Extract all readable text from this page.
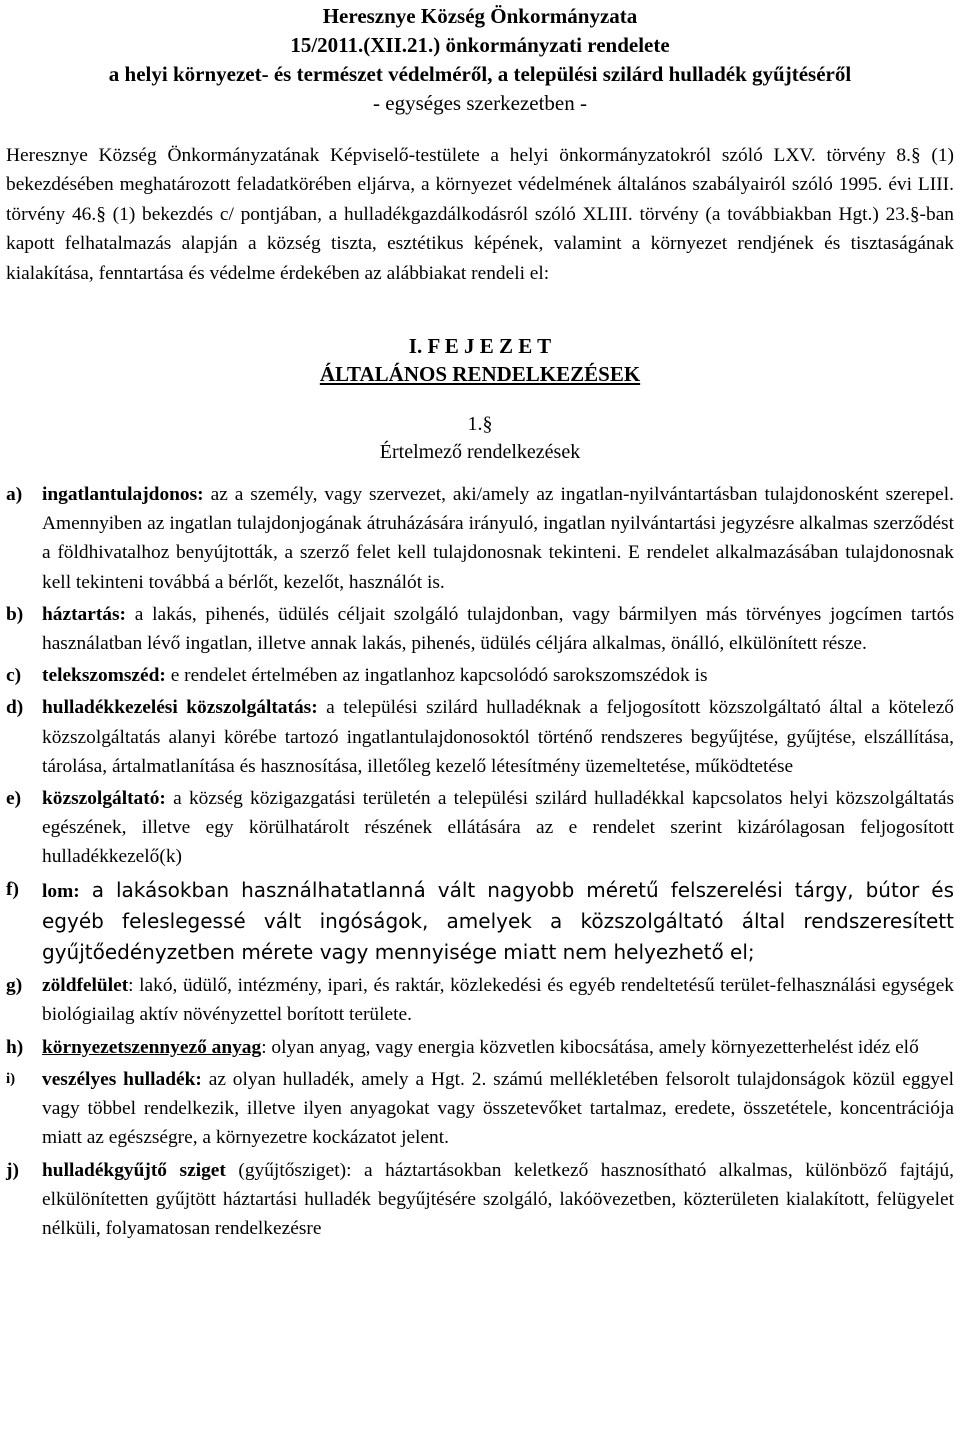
Heresznye Község Önkormányzata
15/2011.(XII.21.) önkormányzati rendelete
a helyi környezet- és természet védelméről, a települési szilárd hulladék gyűjtéséről
- egységes szerkezetben -

Heresznye Község Önkormányzatának Képviselő-testülete a helyi önkormányzatokról szóló LXV. törvény 8.§ (1) bekezdésében meghatározott feladatkörében eljárva, a környezet védelmének általános szabályairól szóló 1995. évi LIII. törvény 46.§ (1) bekezdés c/ pontjában, a hulladékgazdálkodásról szóló XLIII. törvény (a továbbiakban Hgt.) 23.§-ban kapott felhatalmazás alapján a község tiszta, esztétikus képének, valamint a környezet rendjének és tisztaságának kialakítása, fenntartása és védelme érdekében az alábbiakat rendeli el:

I. F E J E Z E T
ÁLTALÁNOS RENDELKEZÉSEK
1.§
Értelmező rendelkezések
a) ingatlantulajdonos: az a személy, vagy szervezet, aki/amely az ingatlan-nyilvántartásban tulajdonosként szerepel. Amennyiben az ingatlan tulajdonjogának átruházására irányuló, ingatlan nyilvántartási jegyzésre alkalmas szerződést a földhivatalhoz benyújtották, a szerző felet kell tulajdonosnak tekinteni. E rendelet alkalmazásában tulajdonosnak kell tekinteni továbbá a bérlőt, kezelőt, használót is.
b) háztartás: a lakás, pihenés, üdülés céljait szolgáló tulajdonban, vagy bármilyen más törvényes jogcímen tartós használatban lévő ingatlan, illetve annak lakás, pihenés, üdülés céljára alkalmas, önálló, elkülönített része.
c) telekszomszéd: e rendelet értelmében az ingatlanhoz kapcsolódó sarokszomszédok is
d) hulladékkezelési közszolgáltatás: a települési szilárd hulladéknak a feljogosított közszolgáltató által a kötelező közszolgáltatás alanyi körébe tartozó ingatlantulajdonosoktól történő rendszeres begyűjtése, gyűjtése, elszállítása, tárolása, ártalmatlanítása és hasznosítása, illetőleg kezelő létesítmény üzemeltetése, működtetése
e) közszolgáltató: a község közigazgatási területén a települési szilárd hulladékkal kapcsolatos helyi közszolgáltatás egészének, illetve egy körülhatárolt részének ellátására az e rendelet szerint kizárólagosan feljogosított hulladékkezelő(k)
f) lom: a lakásokban használhatatlanná vált nagyobb méretű felszerelési tárgy, bútor és egyéb feleslegessé vált ingóságok, amelyek a közszolgáltató által rendszeresített gyűjtőedényzetben mérete vagy mennyisége miatt nem helyezhető el;
g) zöldfelület: lakó, üdülő, intézmény, ipari, és raktár, közlekedési és egyéb rendeltetésű terület-felhasználási egységek biológiailag aktív növényzettel borított területe.
h) környezetszennyező anyag: olyan anyag, vagy energia közvetlen kibocsátása, amely környezetterhelést idéz elő
i) veszélyes hulladék: az olyan hulladék, amely a Hgt. 2. számú mellékletében felsorolt tulajdonságok közül eggyel vagy többel rendelkezik, illetve ilyen anyagokat vagy összetevőket tartalmaz, eredete, összetétele, koncentrációja miatt az egészségre, a környezetre kockázatot jelent.
j) hulladékgyűjtő sziget (gyűjtősziget): a háztartásokban keletkező hasznosítható alkalmas, különböző fajtájú, elkülönítetten gyűjtött háztartási hulladék begyűjtésére szolgáló, lakóövezetben, közterületen kialakított, felügyelet nélküli, folyamatosan rendelkezésre
